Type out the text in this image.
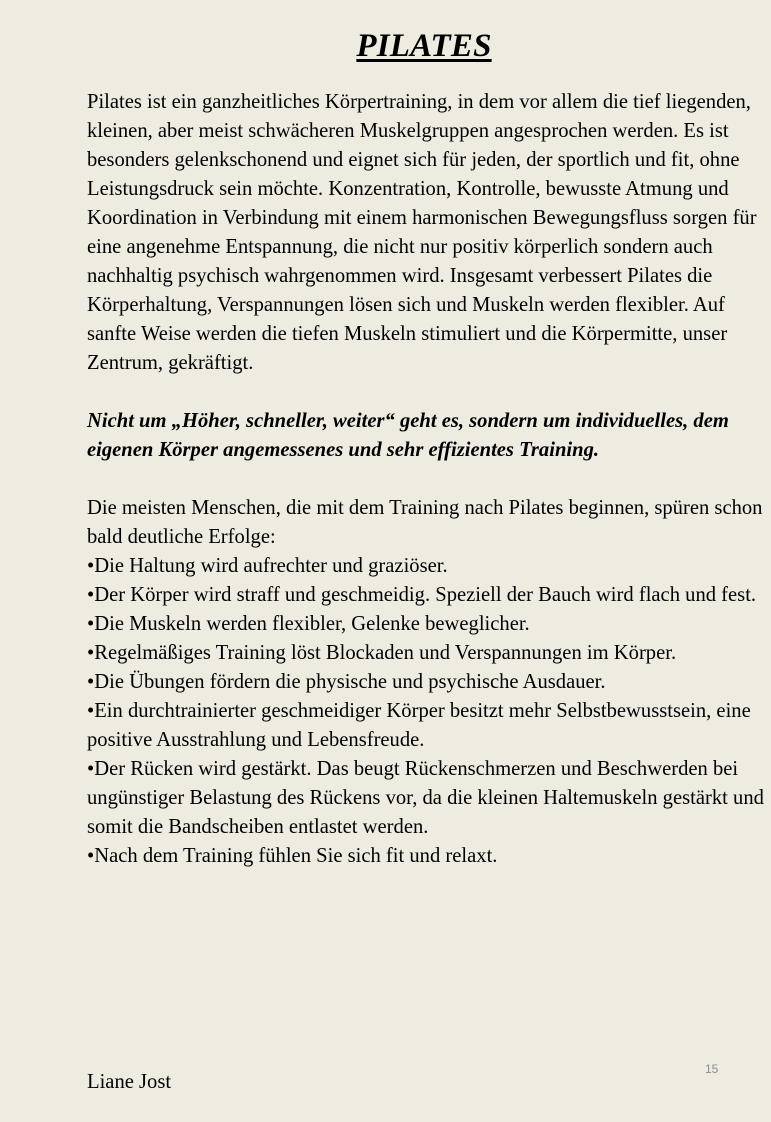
PILATES

Pilates ist ein ganzheitliches Körpertraining, in dem vor allem die tief liegenden, kleinen, aber meist schwächeren Muskelgruppen angesprochen werden. Es ist besonders gelenkschonend und eignet sich für jeden, der sportlich und fit, ohne Leistungsdruck sein möchte. Konzentration, Kontrolle, bewusste Atmung und Koordination in Verbindung mit einem harmonischen Bewegungsfluss sorgen für eine angenehme Entspannung, die nicht nur positiv körperlich sondern auch nachhaltig psychisch wahrgenommen wird. Insgesamt verbessert Pilates die Körperhaltung, Verspannungen lösen sich und Muskeln werden flexibler. Auf sanfte Weise werden die tiefen Muskeln stimuliert und die Körpermitte, unser Zentrum, gekräftigt.

Nicht um „Höher, schneller, weiter“ geht es, sondern um individuelles, dem eigenen Körper angemessenes und sehr effizientes Training.

Die meisten Menschen, die mit dem Training nach Pilates beginnen, spüren schon bald deutliche Erfolge:

•Die Haltung wird aufrechter und graziöser.
•Der Körper wird straff und geschmeidig. Speziell der Bauch wird flach und fest.
•Die Muskeln werden flexibler, Gelenke beweglicher.
•Regelmäßiges Training löst Blockaden und Verspannungen im Körper.
•Die Übungen fördern die physische und psychische Ausdauer.
•Ein durchtrainierter geschmeidiger Körper besitzt mehr Selbstbewusstsein, eine positive Ausstrahlung und Lebensfreude.
•Der Rücken wird gestärkt. Das beugt Rückenschmerzen und Beschwerden bei ungünstiger Belastung des Rückens vor, da die kleinen Haltemuskeln gestärkt und somit die Bandscheiben entlastet werden.
•Nach dem Training fühlen Sie sich fit und relaxt.

Liane Jost

15
